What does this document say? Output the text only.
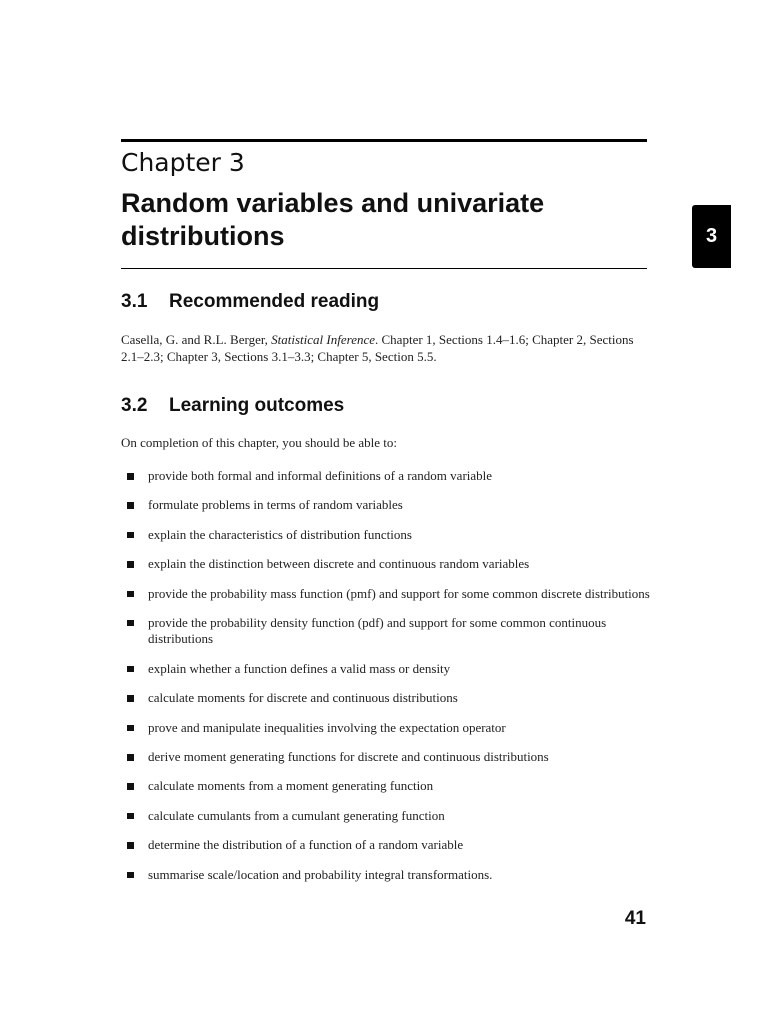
Chapter 3
Random variables and univariate distributions	3
3.1 Recommended reading
Casella, G. and R.L. Berger, Statistical Inference. Chapter 1, Sections 1.4–1.6; Chapter 2, Sections 2.1–2.3; Chapter 3, Sections 3.1–3.3; Chapter 5, Section 5.5.
3.2 Learning outcomes
On completion of this chapter, you should be able to:
provide both formal and informal definitions of a random variable
formulate problems in terms of random variables
explain the characteristics of distribution functions
explain the distinction between discrete and continuous random variables
provide the probability mass function (pmf) and support for some common discrete distributions
provide the probability density function (pdf) and support for some common continuous distributions
explain whether a function defines a valid mass or density
calculate moments for discrete and continuous distributions
prove and manipulate inequalities involving the expectation operator
derive moment generating functions for discrete and continuous distributions
calculate moments from a moment generating function
calculate cumulants from a cumulant generating function
determine the distribution of a function of a random variable
summarise scale/location and probability integral transformations.
41
